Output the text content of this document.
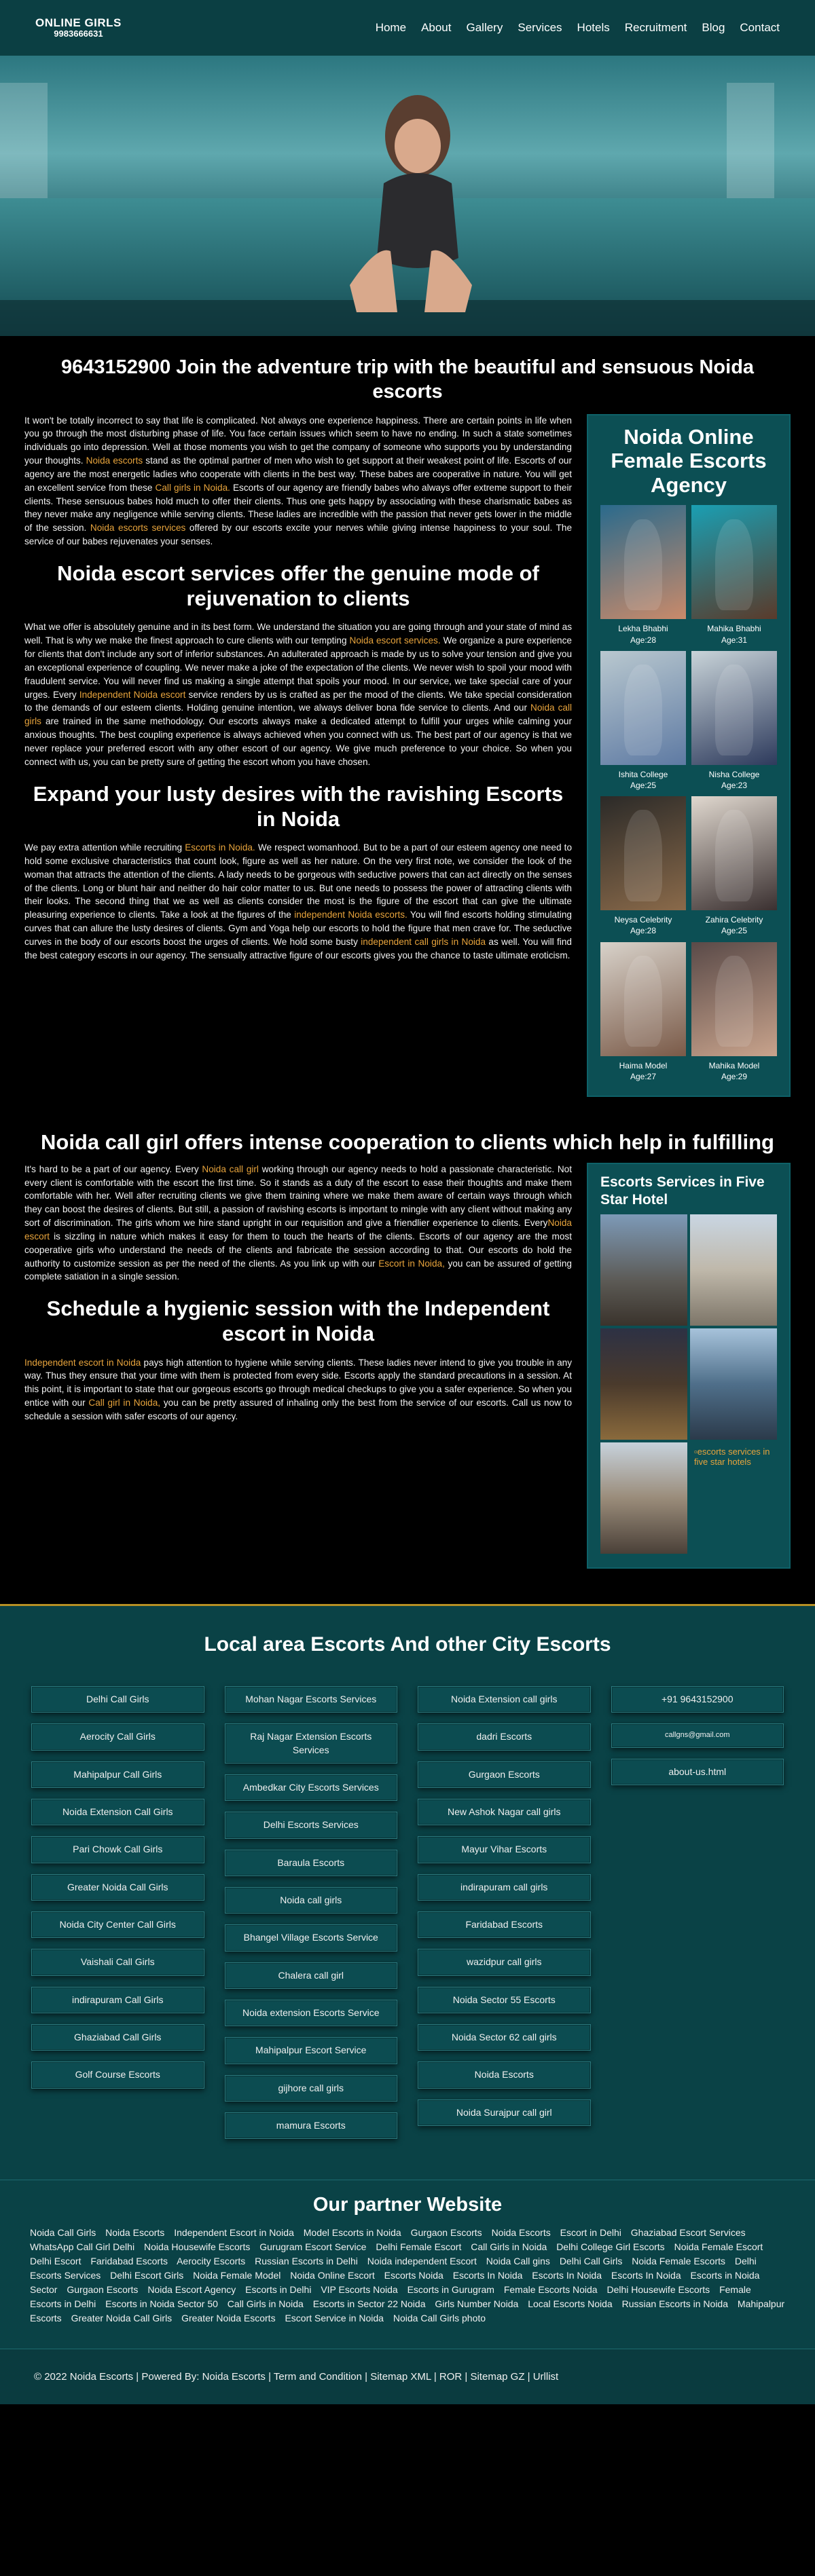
ONLINE GIRLS
9983666631	Home About Gallery Services Hotels Recruitment Blog Contact
9643152900 Join the adventure trip with the beautiful and sensuous Noida escorts

It won't be totally incorrect to say that life is complicated. Not always one experience happiness. There are certain points in life when you go through the most disturbing phase of life. You face certain issues which seem to have no ending. In such a state sometimes individuals go into depression. Well at those moments you wish to get the company of someone who supports you by understanding your thoughts. Noida escorts stand as the optimal partner of men who wish to get support at their weakest point of life. Escorts of our agency are the most energetic ladies who cooperate with clients in the best way. These babes are cooperative in nature. You will get an excellent service from these Call girls in Noida. Escorts of our agency are friendly babes who always offer extreme support to their clients. These sensuous babes hold much to offer their clients. Thus one gets happy by associating with these charismatic babes as they never make any negligence while serving clients. These ladies are incredible with the passion that never gets lower in the middle of the session. Noida escorts services offered by our escorts excite your nerves while giving intense happiness to your soul. The service of our babes rejuvenates your senses.

Noida escort services offer the genuine mode of rejuvenation to clients

What we offer is absolutely genuine and in its best form. We understand the situation you are going through and your state of mind as well. That is why we make the finest approach to cure clients with our tempting Noida escort services. We organize a pure experience for clients that don't include any sort of inferior substances. An adulterated approach is made by us to solve your tension and give you an exceptional experience of coupling. We never make a joke of the expectation of the clients. We never wish to spoil your mood with fraudulent service. You will never find us making a single attempt that spoils your mood. In our service, we take special care of your urges. Every Independent Noida escort service renders by us is crafted as per the mood of the clients. We take special consideration to the demands of our esteem clients. Holding genuine intention, we always deliver bona fide service to clients. And our Noida call girls are trained in the same methodology. Our escorts always make a dedicated attempt to fulfill your urges while calming your anxious thoughts. The best coupling experience is always achieved when you connect with us. The best part of our agency is that we never replace your preferred escort with any other escort of our agency. We give much preference to your choice. So when you connect with us, you can be pretty sure of getting the escort whom you have chosen.

Expand your lusty desires with the ravishing Escorts in Noida

We pay extra attention while recruiting Escorts in Noida. We respect womanhood. But to be a part of our esteem agency one need to hold some exclusive characteristics that count look, figure as well as her nature. On the very first note, we consider the look of the woman that attracts the attention of the clients. A lady needs to be gorgeous with seductive powers that can act directly on the senses of the clients. Long or blunt hair and neither do hair color matter to us. But one needs to possess the power of attracting clients with their looks. The second thing that we as well as clients consider the most is the figure of the escort that can give the ultimate pleasuring experience to clients. Take a look at the figures of the independent Noida escorts. You will find escorts holding stimulating curves that can allure the lusty desires of clients. Gym and Yoga help our escorts to hold the figure that men crave for. The seductive curves in the body of our escorts boost the urges of clients. We hold some busty independent call girls in Noida as well. You will find the best category escorts in our agency. The sensually attractive figure of our escorts gives you the chance to taste ultimate eroticism.

Noida Online Female Escorts Agency
Lekha Bhabhi
Age:28
Mahika Bhabhi
Age:31
Ishita College
Age:25
Nisha College
Age:23
Neysa Celebrity
Age:28
Zahira Celebrity
Age:25
Haima Model
Age:27
Mahika Model
Age:29
Noida call girl offers intense cooperation to clients which help in fulfilling

It's hard to be a part of our agency. Every Noida call girl working through our agency needs to hold a passionate characteristic. Not every client is comfortable with the escort the first time. So it stands as a duty of the escort to ease their thoughts and make them comfortable with her. Well after recruiting clients we give them training where we make them aware of certain ways through which they can boost the desires of clients. But still, a passion of ravishing escorts is important to mingle with any client without making any sort of discrimination. The girls whom we hire stand upright in our requisition and give a friendlier experience to clients. EveryNoida escort is sizzling in nature which makes it easy for them to touch the hearts of the clients. Escorts of our agency are the most cooperative girls who understand the needs of the clients and fabricate the session according to that. Our escorts do hold the authority to customize session as per the need of the clients. As you link up with our Escort in Noida, you can be assured of getting complete satiation in a single session.

Schedule a hygienic session with the Independent escort in Noida

Independent escort in Noida pays high attention to hygiene while serving clients. These ladies never intend to give you trouble in any way. Thus they ensure that your time with them is protected from every side. Escorts apply the standard precautions in a session. At this point, it is important to state that our gorgeous escorts go through medical checkups to give you a safer experience. So when you entice with our Call girl in Noida, you can be pretty assured of inhaling only the best from the service of our escorts. Call us now to schedule a session with safer escorts of our agency.

Escorts Services in Five Star Hotel
▫escorts services in five star hotels
Local area Escorts And other City Escorts
Delhi Call Girls
Aerocity Call Girls
Mahipalpur Call Girls
Noida Extension Call Girls
Pari Chowk Call Girls
Greater Noida Call Girls
Noida City Center Call Girls
Vaishali Call Girls
indirapuram Call Girls
Ghaziabad Call Girls
Golf Course Escorts
Mohan Nagar Escorts Services
Raj Nagar Extension Escorts Services
Ambedkar City Escorts Services
Delhi Escorts Services
Baraula Escorts
Noida call girls
Bhangel Village Escorts Service
Chalera call girl
Noida extension Escorts Service
Mahipalpur Escort Service
gijhore call girls
mamura Escorts
Noida Extension call girls
dadri Escorts
Gurgaon Escorts
New Ashok Nagar call girls
Mayur Vihar Escorts
indirapuram call girls
Faridabad Escorts
wazidpur call girls
Noida Sector 55 Escorts
Noida Sector 62 call girls
Noida Escorts
Noida Surajpur call girl
+91 9643152900
callgns@gmail.com
about-us.html
Our partner Website
Noida Call Girls Noida Escorts Independent Escort in Noida Model Escorts in Noida Gurgaon Escorts Noida Escorts Escort in Delhi Ghaziabad Escort Services WhatsApp Call Girl Delhi Noida Housewife Escorts Gurugram Escort Service Delhi Female Escort Call Girls in Noida Delhi College Girl Escorts Noida Female Escort Delhi Escort Faridabad Escorts Aerocity Escorts Russian Escorts in Delhi Noida independent Escort Noida Call gins Delhi Call Girls Noida Female Escorts Delhi Escorts Services Delhi Escort Girls Noida Female Model Noida Online Escort Escorts Noida Escorts In Noida Escorts In Noida Escorts In Noida Escorts in Noida Sector Gurgaon Escorts Noida Escort Agency Escorts in Delhi VIP Escorts Noida Escorts in Gurugram Female Escorts Noida Delhi Housewife Escorts Female Escorts in Delhi Escorts in Noida Sector 50 Call Girls in Noida Escorts in Sector 22 Noida Girls Number Noida Local Escorts Noida Russian Escorts in Noida Mahipalpur Escorts Greater Noida Call Girls Greater Noida Escorts Escort Service in Noida Noida Call Girls photo
© 2022 Noida Escorts | Powered By: Noida Escorts | Term and Condition | Sitemap XML | ROR | Sitemap GZ | Urllist
